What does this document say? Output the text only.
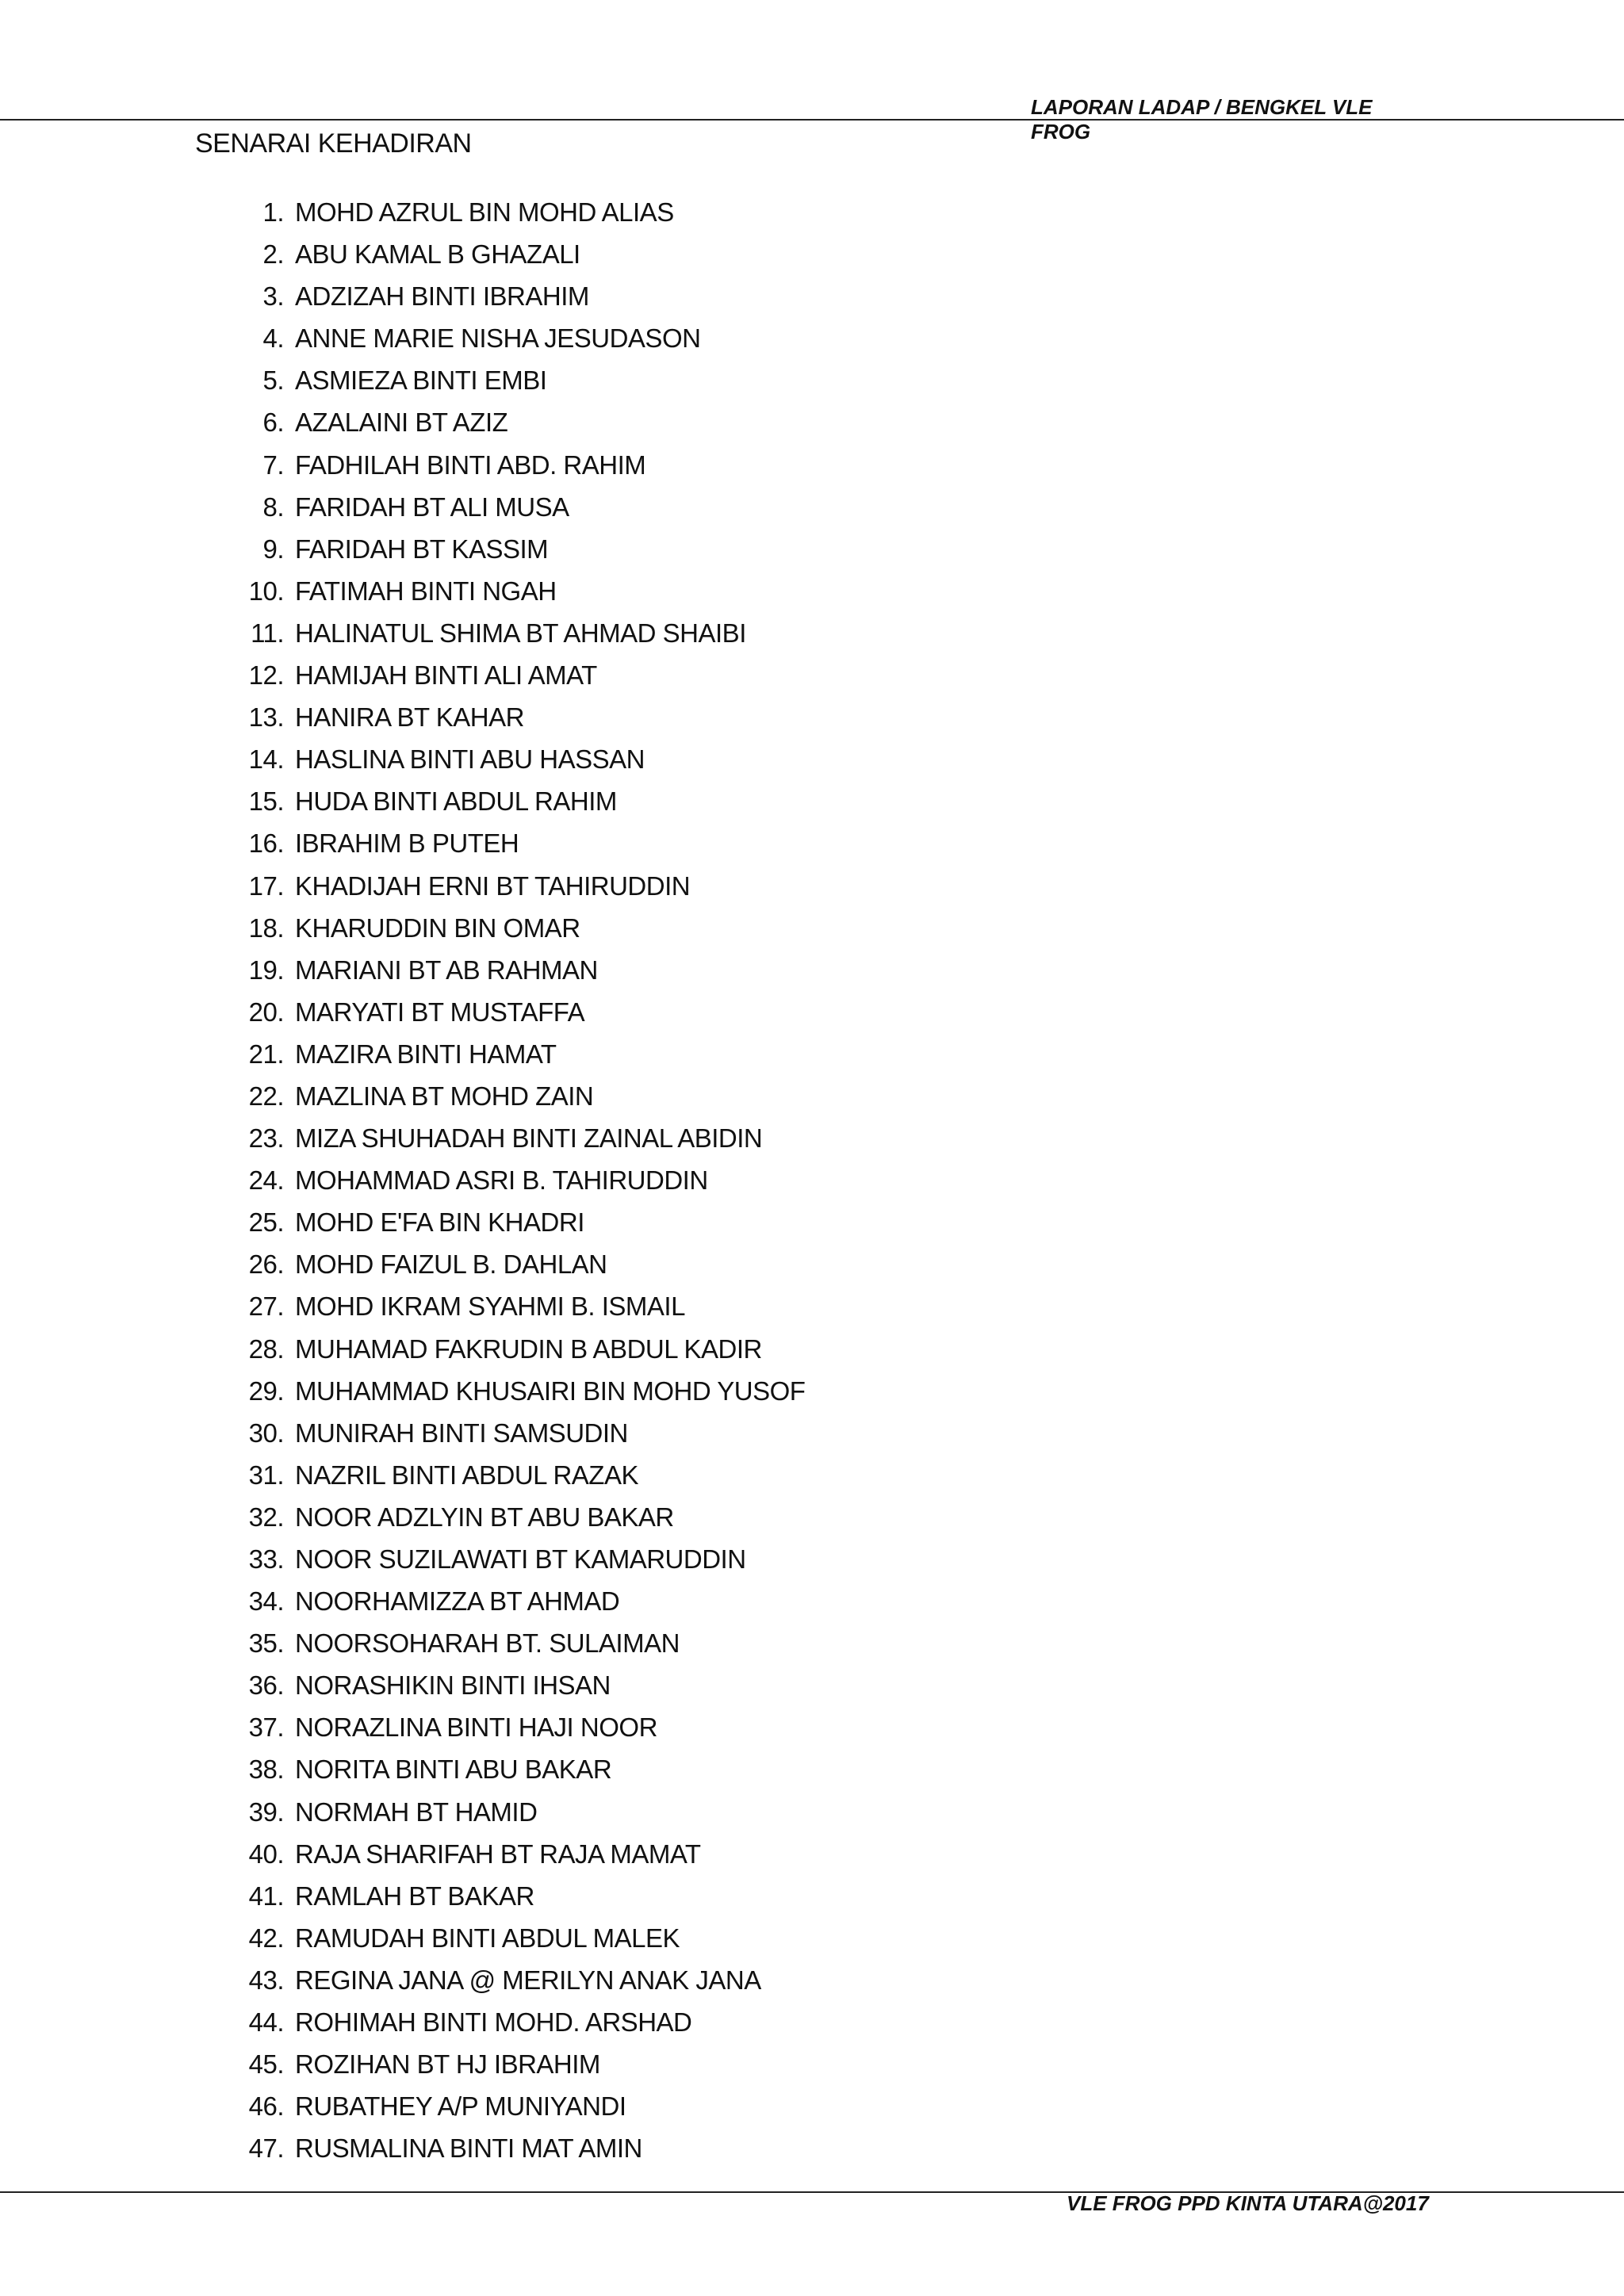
LAPORAN LADAP / BENGKEL VLE FROG
SENARAI KEHADIRAN
1. MOHD AZRUL BIN MOHD ALIAS
2. ABU KAMAL B GHAZALI
3. ADZIZAH BINTI IBRAHIM
4. ANNE MARIE NISHA JESUDASON
5. ASMIEZA BINTI EMBI
6. AZALAINI BT AZIZ
7. FADHILAH BINTI ABD. RAHIM
8. FARIDAH BT ALI MUSA
9. FARIDAH BT KASSIM
10. FATIMAH BINTI NGAH
11. HALINATUL SHIMA BT AHMAD SHAIBI
12. HAMIJAH BINTI ALI AMAT
13. HANIRA BT KAHAR
14. HASLINA BINTI ABU HASSAN
15. HUDA BINTI ABDUL RAHIM
16. IBRAHIM B PUTEH
17. KHADIJAH ERNI BT TAHIRUDDIN
18. KHARUDDIN BIN OMAR
19. MARIANI BT AB RAHMAN
20. MARYATI BT MUSTAFFA
21. MAZIRA BINTI HAMAT
22. MAZLINA BT MOHD ZAIN
23. MIZA SHUHADAH BINTI ZAINAL ABIDIN
24. MOHAMMAD ASRI B. TAHIRUDDIN
25. MOHD E'FA BIN KHADRI
26. MOHD FAIZUL B. DAHLAN
27. MOHD IKRAM SYAHMI B. ISMAIL
28. MUHAMAD FAKRUDIN B ABDUL KADIR
29. MUHAMMAD KHUSAIRI BIN MOHD YUSOF
30. MUNIRAH BINTI SAMSUDIN
31. NAZRIL BINTI ABDUL RAZAK
32. NOOR ADZLYIN BT ABU BAKAR
33. NOOR SUZILAWATI BT KAMARUDDIN
34. NOORHAMIZZA BT AHMAD
35. NOORSOHARAH BT. SULAIMAN
36. NORASHIKIN BINTI IHSAN
37. NORAZLINA BINTI HAJI NOOR
38. NORITA BINTI ABU BAKAR
39. NORMAH BT HAMID
40. RAJA SHARIFAH BT RAJA MAMAT
41. RAMLAH BT BAKAR
42. RAMUDAH BINTI ABDUL MALEK
43. REGINA JANA @ MERILYN ANAK JANA
44. ROHIMAH BINTI MOHD. ARSHAD
45. ROZIHAN BT HJ IBRAHIM
46. RUBATHEY A/P MUNIYANDI
47. RUSMALINA BINTI MAT AMIN
VLE FROG PPD KINTA UTARA@2017
